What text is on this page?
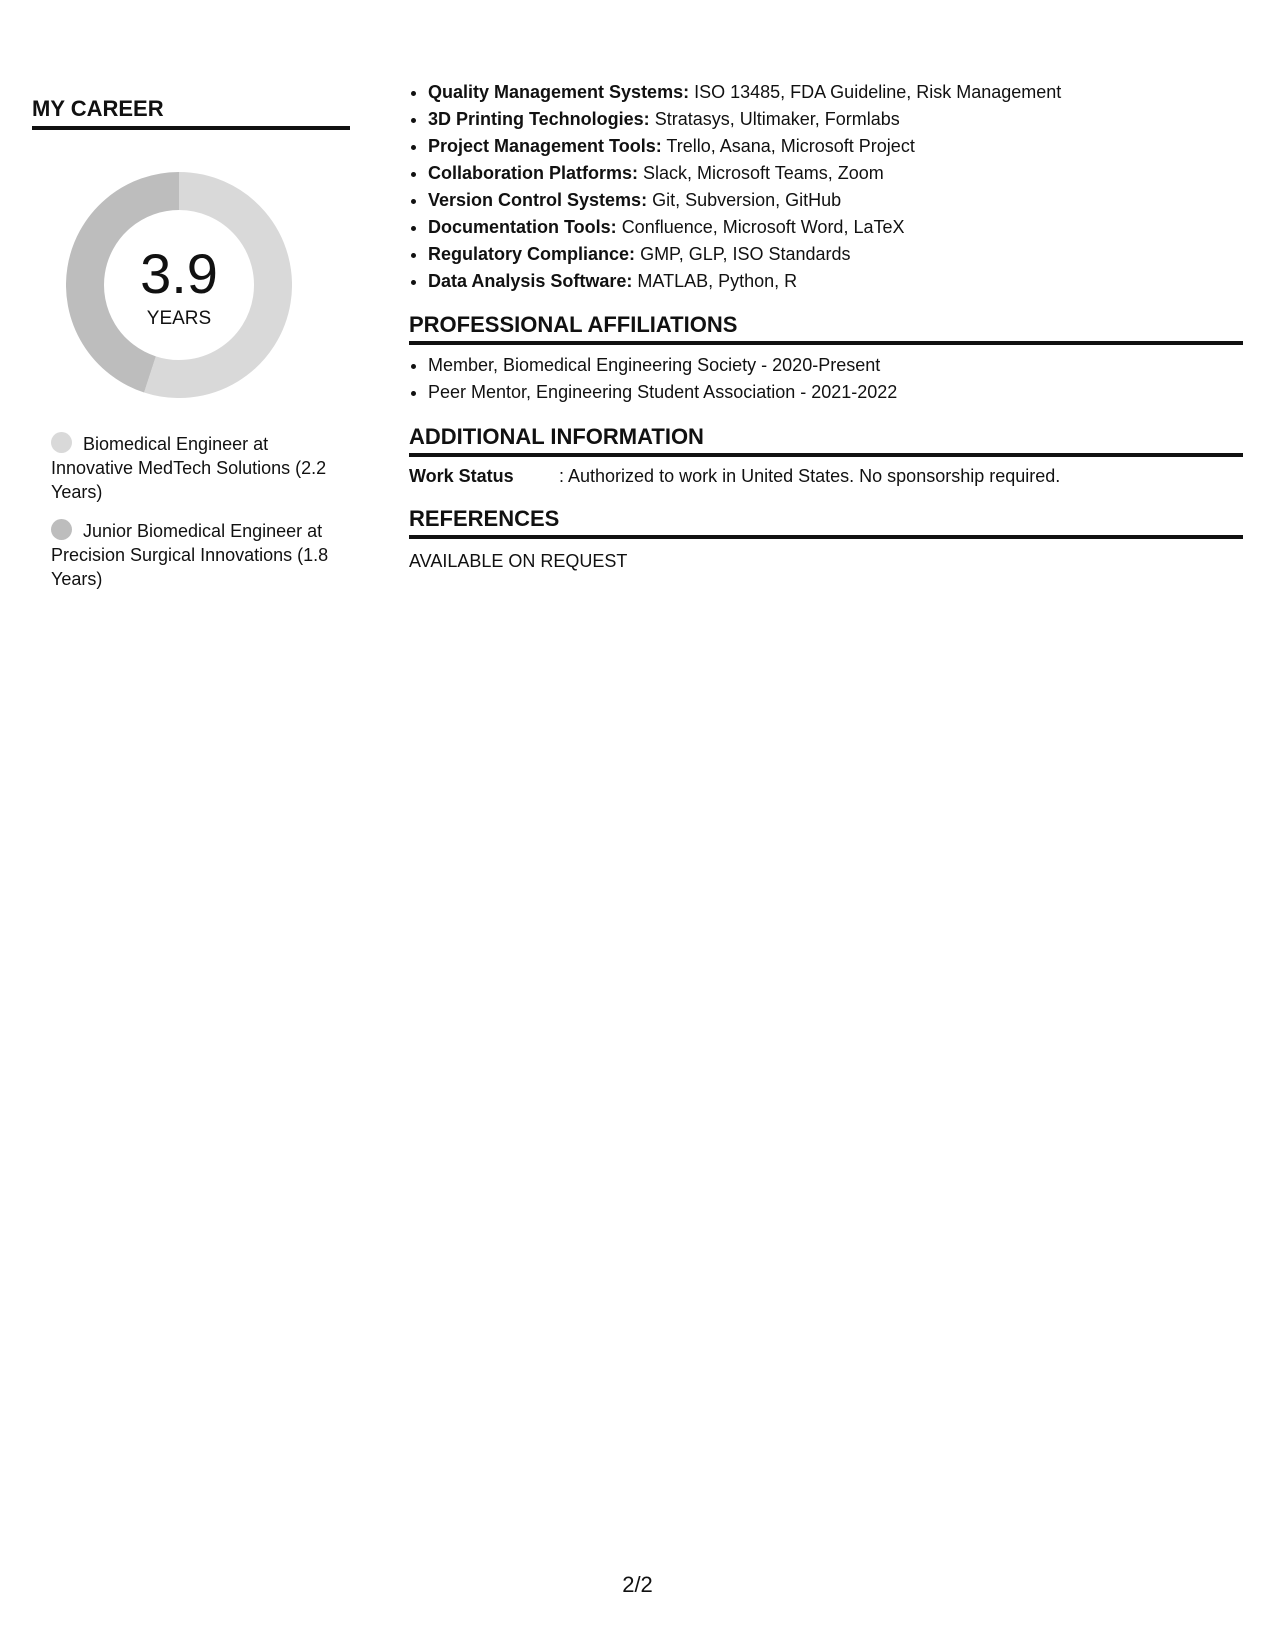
MY CAREER
3.9
YEARS
Biomedical Engineer at Innovative MedTech Solutions (2.2 Years)
Junior Biomedical Engineer at Precision Surgical Innovations (1.8 Years)
• Quality Management Systems: ISO 13485, FDA Guideline, Risk Management
• 3D Printing Technologies: Stratasys, Ultimaker, Formlabs
• Project Management Tools: Trello, Asana, Microsoft Project
• Collaboration Platforms: Slack, Microsoft Teams, Zoom
• Version Control Systems: Git, Subversion, GitHub
• Documentation Tools: Confluence, Microsoft Word, LaTeX
• Regulatory Compliance: GMP, GLP, ISO Standards
• Data Analysis Software: MATLAB, Python, R
PROFESSIONAL AFFILIATIONS
• Member, Biomedical Engineering Society - 2020-Present
• Peer Mentor, Engineering Student Association - 2021-2022
ADDITIONAL INFORMATION
Work Status	: Authorized to work in United States. No sponsorship required.
REFERENCES
AVAILABLE ON REQUEST
2/2
